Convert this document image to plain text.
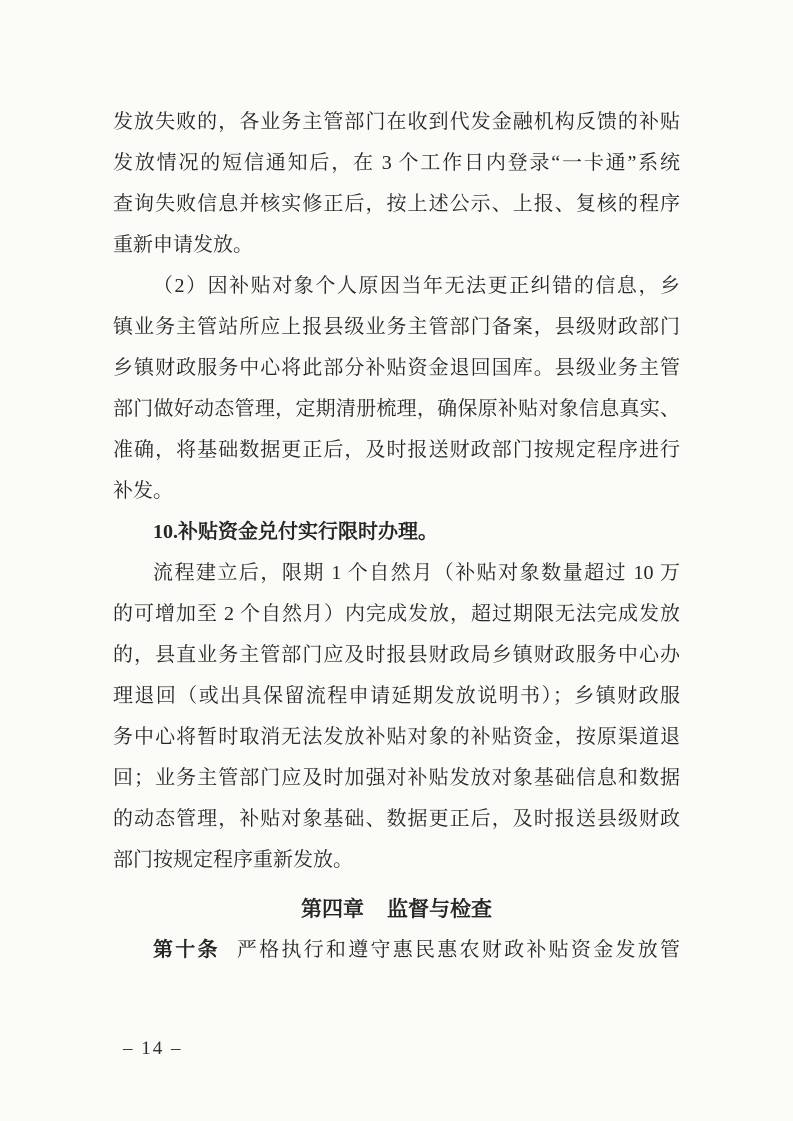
发放失败的，各业务主管部门在收到代发金融机构反馈的补贴
发放情况的短信通知后，在 3 个工作日内登录“一卡通”系统
查询失败信息并核实修正后，按上述公示、上报、复核的程序
重新申请发放。
（2）因补贴对象个人原因当年无法更正纠错的信息，乡
镇业务主管站所应上报县级业务主管部门备案，县级财政部门
乡镇财政服务中心将此部分补贴资金退回国库。县级业务主管
部门做好动态管理，定期清册梳理，确保原补贴对象信息真实、
准确，将基础数据更正后，及时报送财政部门按规定程序进行
补发。
10.补贴资金兑付实行限时办理。
流程建立后，限期 1 个自然月（补贴对象数量超过 10 万
的可增加至 2 个自然月）内完成发放，超过期限无法完成发放
的，县直业务主管部门应及时报县财政局乡镇财政服务中心办
理退回（或出具保留流程申请延期发放说明书）；乡镇财政服
务中心将暂时取消无法发放补贴对象的补贴资金，按原渠道退
回；业务主管部门应及时加强对补贴发放对象基础信息和数据
的动态管理，补贴对象基础、数据更正后，及时报送县级财政
部门按规定程序重新发放。
第四章 监督与检查
第十条 严格执行和遵守惠民惠农财政补贴资金发放管
– 14 –
